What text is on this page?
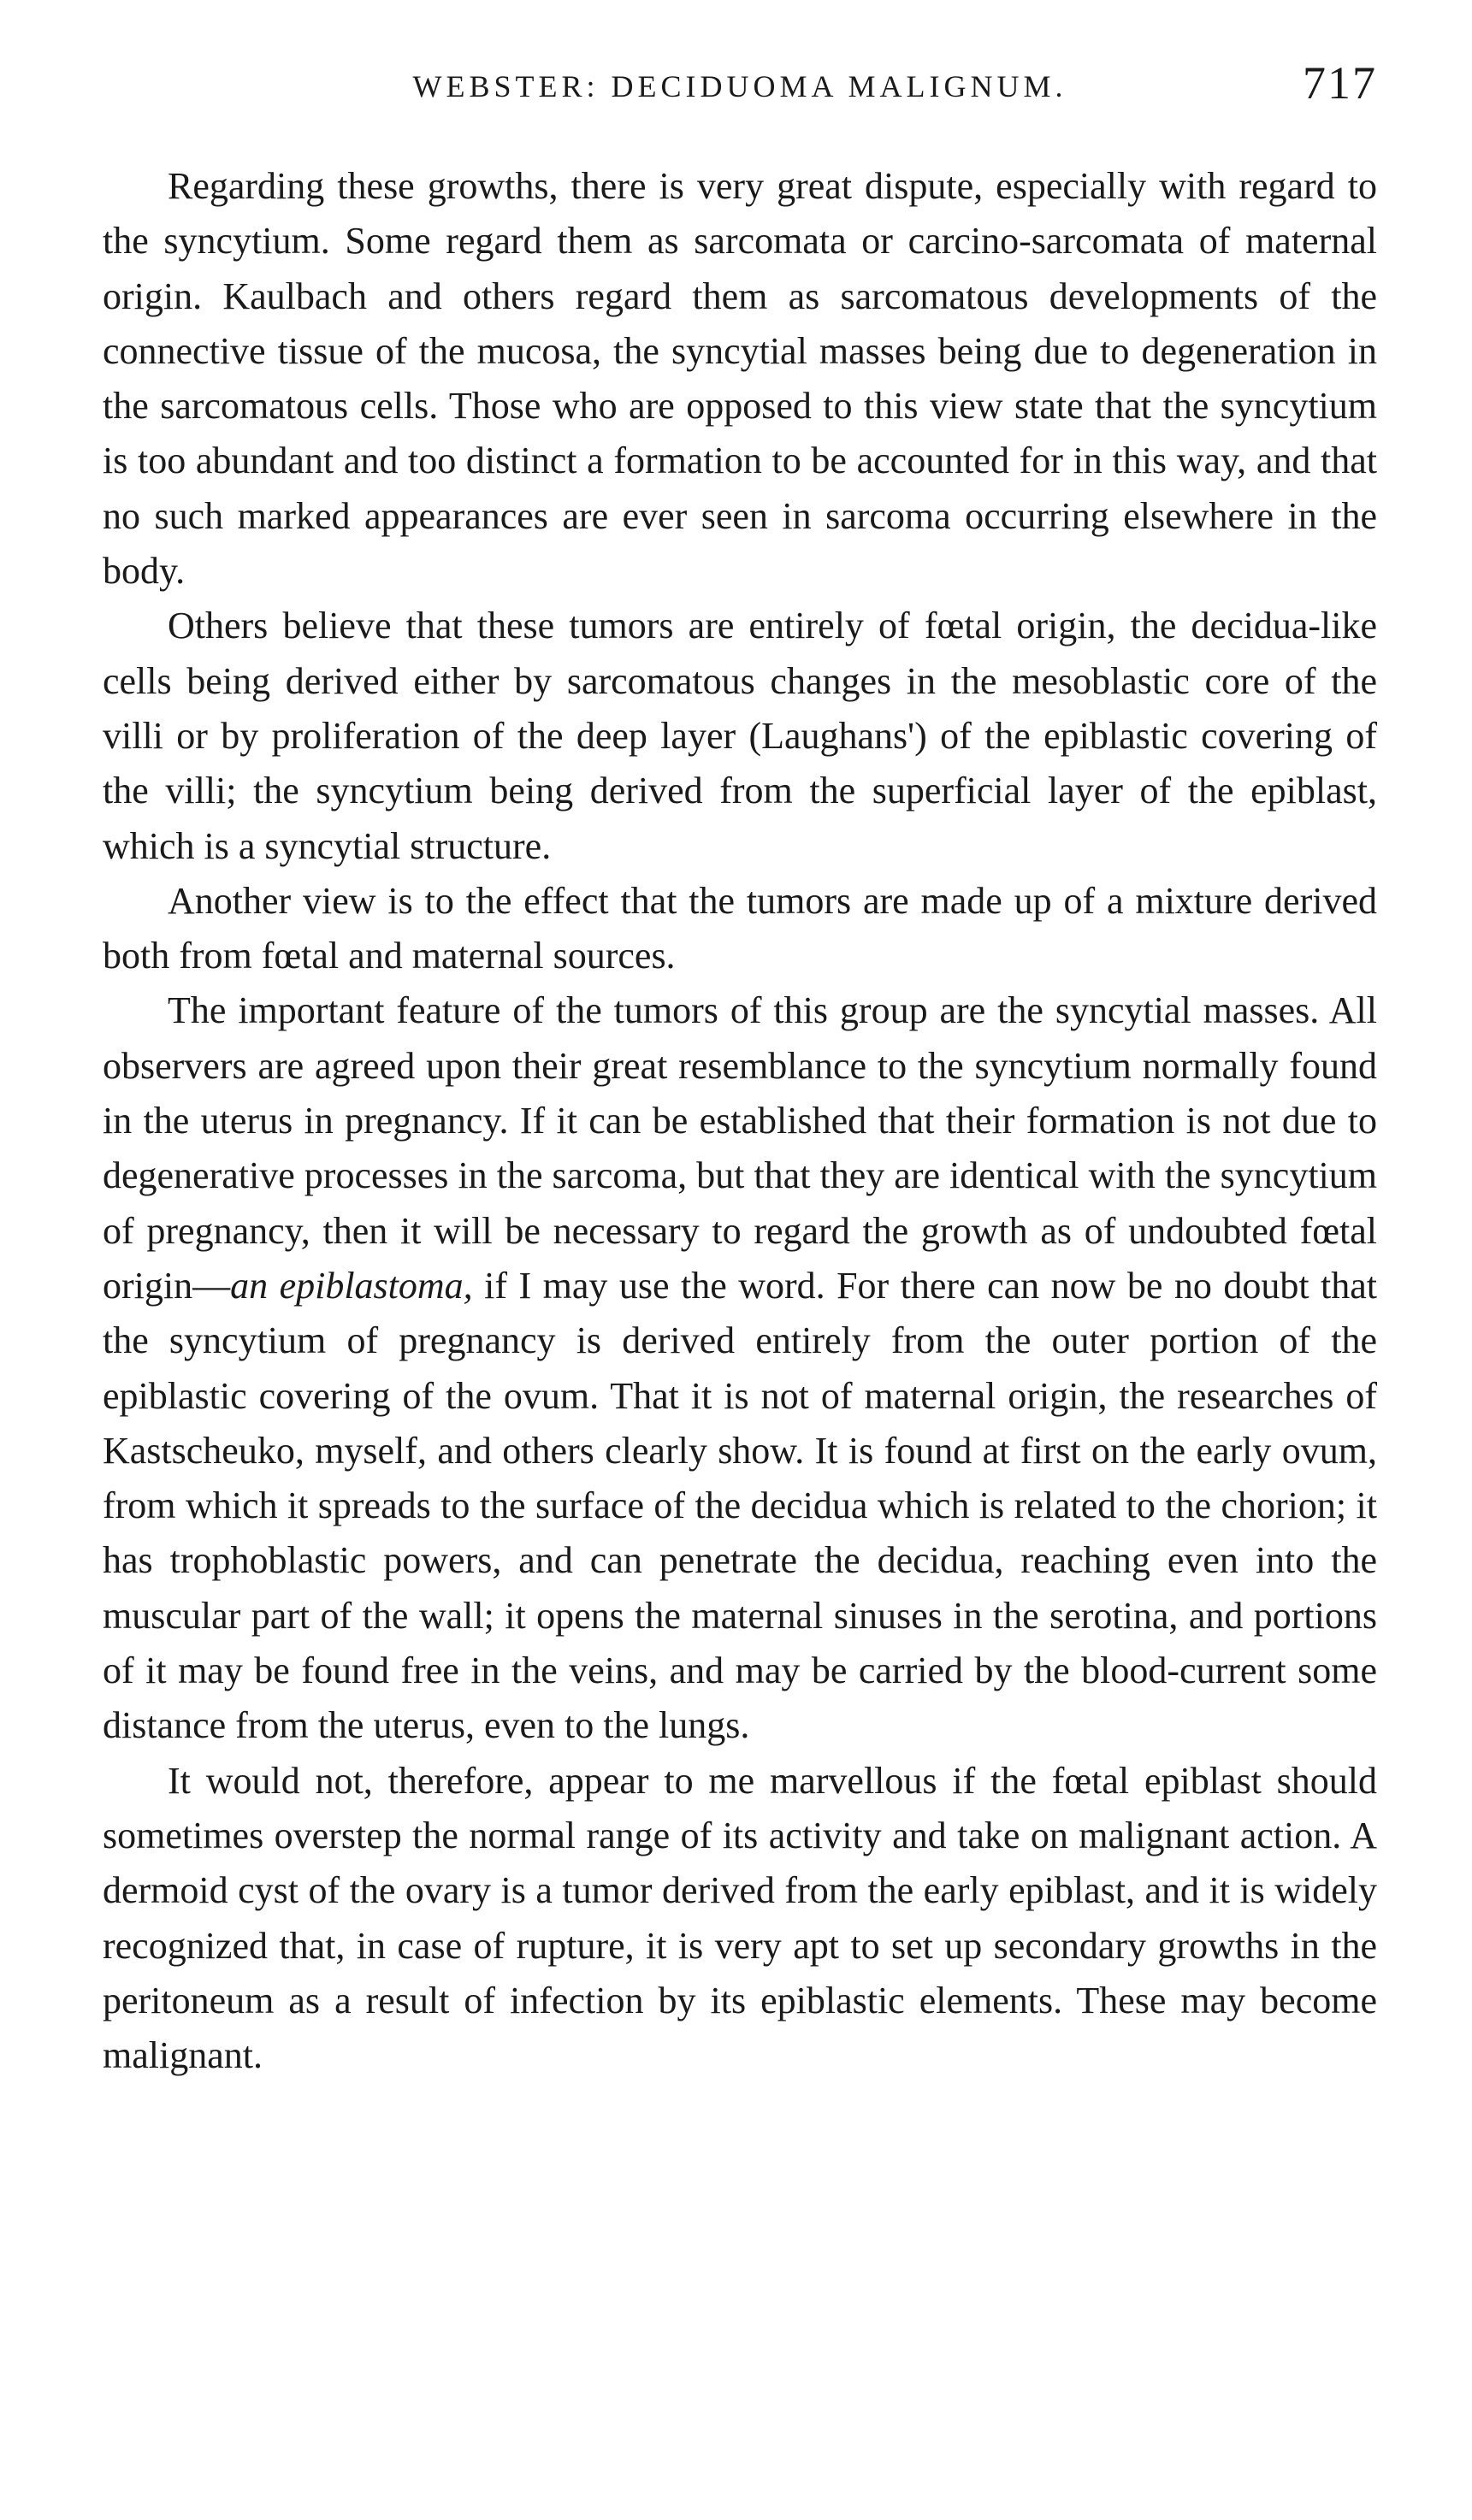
WEBSTER: DECIDUOMA MALIGNUM.	717

Regarding these growths, there is very great dispute, especially with regard to the syncytium. Some regard them as sarcomata or carcino-sarcomata of maternal origin. Kaulbach and others regard them as sarcomatous developments of the connective tissue of the mucosa, the syncytial masses being due to degeneration in the sarcomatous cells. Those who are opposed to this view state that the syncytium is too abundant and too distinct a formation to be accounted for in this way, and that no such marked appearances are ever seen in sarcoma occurring elsewhere in the body.

Others believe that these tumors are entirely of fœtal origin, the decidua-like cells being derived either by sarcomatous changes in the mesoblastic core of the villi or by proliferation of the deep layer (Laughans') of the epiblastic covering of the villi; the syncytium being derived from the superficial layer of the epiblast, which is a syncytial structure.

Another view is to the effect that the tumors are made up of a mixture derived both from fœtal and maternal sources.

The important feature of the tumors of this group are the syncytial masses. All observers are agreed upon their great resemblance to the syncytium normally found in the uterus in pregnancy. If it can be established that their formation is not due to degenerative processes in the sarcoma, but that they are identical with the syncytium of pregnancy, then it will be necessary to regard the growth as of undoubted fœtal origin—an epiblastoma, if I may use the word. For there can now be no doubt that the syncytium of pregnancy is derived entirely from the outer portion of the epiblastic covering of the ovum. That it is not of maternal origin, the researches of Kastscheuko, myself, and others clearly show. It is found at first on the early ovum, from which it spreads to the surface of the decidua which is related to the chorion; it has trophoblastic powers, and can penetrate the decidua, reaching even into the muscular part of the wall; it opens the maternal sinuses in the serotina, and portions of it may be found free in the veins, and may be carried by the blood-current some distance from the uterus, even to the lungs.

It would not, therefore, appear to me marvellous if the fœtal epiblast should sometimes overstep the normal range of its activity and take on malignant action. A dermoid cyst of the ovary is a tumor derived from the early epiblast, and it is widely recognized that, in case of rupture, it is very apt to set up secondary growths in the peritoneum as a result of infection by its epiblastic elements. These may become malignant.
